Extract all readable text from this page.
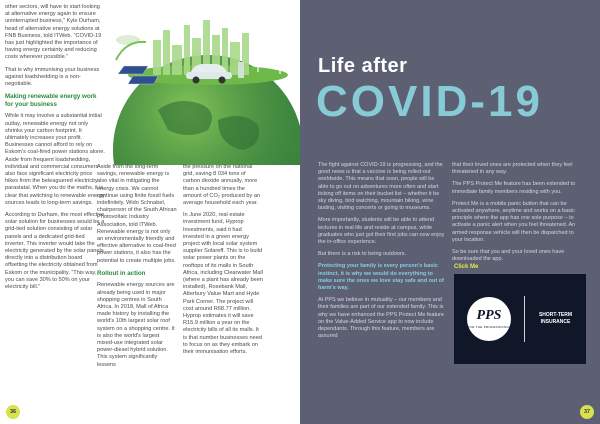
other sectors, will have to start looking at alternative energy again to ensure uninterrupted business,” Kyle Durham, head of alternative energy solutions at FNB Business, told ITWeb. “COVID-19 has just highlighted the importance of having energy certainty and reducing costs wherever possible.”

That is why immunising your business against loadshedding is a non-negotiable.

Making renewable energy work for your business

While it may involve a substantial initial outlay, renewable energy not only shrinks your carbon footprint. It ultimately increases your profit. Businesses cannot afford to rely on Eskom's coal-fired power stations alone. Aside from frequent loadshedding, individual and commercial consumers also face significant electricity price hikes from the beleaguered electricity parastatal. When you do the maths, it is clear that switching to renewable energy sources leads to long-term savings.

According to Durham, the most effective solar solution for businesses would be a grid-tied solution consisting of solar panels and a dedicated grid-tied inverter. This inverter would take the electricity generated by the solar panels directly into a distribution board offsetting the electricity obtained from Eskom or the municipality. “This way, you can save 30% to 50% on your electricity bill.”

Aside from the long-term savings, renewable energy is also vital in mitigating the energy crisis. We cannot continue using finite fossil fuels indefinitely. Wido Schnabel, chairperson of the South African Photovoltaic Industry Association, told ITWeb. Renewable energy is not only an environmentally friendly and effective alternative to coal-fired power stations, it also has the potential to create multiple jobs.

Rollout in action

Renewable energy sources are already being used in major shopping centres in South Africa. In 2018, Mall of Africa made history by installing the world's 10th largest solar roof system on a shopping centre. It is also the world's largest mixed-use integrated solar power-diesel hybrid solution. This system significantly lessens

the pressure on the national grid, saving 8 034 tons of carbon dioxide annually, more than a hundred times the amount of CO₂ produced by an average household each year.

In June 2020, real estate investment fund, Hyprop Investments, said it had invested in a green energy project with local solar system supplier Solareff. This is to build solar power plants on the rooftops of its malls in South Africa, including Clearwater Mall (where a plant has already been installed), Rosebank Mall, Atterbury Value Mart and Hyde Park Corner. The project will cost around R68.77 million. Hyprop estimates it will save R15.9 million a year on the electricity bills of all its malls. It is that number businesses need to focus on as they embark on their immunisation efforts.

36
Life after
COVID-19

The fight against COVID-19 is progressing, and the good news is that a vaccine is being rolled-out worldwide. This means that soon, people will be able to go out on adventures more often and start ticking off items on their bucket list – whether it be sky diving, bird watching, mountain biking, wine tasting, visiting concerts or going to museums.

More importantly, students will be able to attend lectures in real life and reside at campus, while graduates who just got their first jobs can now enjoy the in-office experience.

But there is a risk to being outdoors.

Protecting your family is every person's basic instinct, it is why we would do everything to make sure the ones we love stay safe and out of harm's way.

At PPS we believe in mutuality – our members and their families are part of our extended family. This is why we have enhanced the PPS Protect Me feature on the Value-Added Service app to now include dependants. Through this feature, members are assured

that their loved ones are protected when they feel threatened in any way.

The PPS Protect Me feature has been extended to immediate family members residing with you.

Protect Me is a mobile panic button that can be activated anywhere, anytime and works on a basic principle where the app has one sole purpose – to activate a panic alert when you feel threatened. An armed response vehicle will then be dispatched to your location.

So be sure that you and your loved ones have downloaded the app.

Click Me
PPS
FOR THE PROFESSIONAL
SHORT-TERM INSURANCE
37
